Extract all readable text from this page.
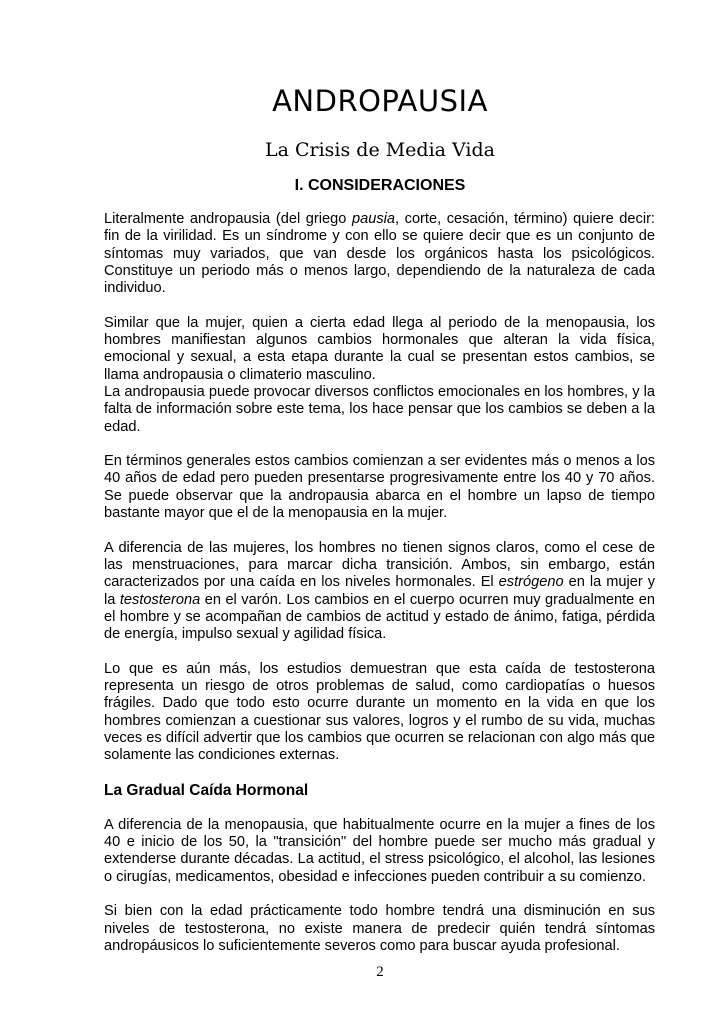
ANDROPAUSIA
La Crisis de Media Vida
I. CONSIDERACIONES

Literalmente andropausia (del griego pausia, corte, cesación, término) quiere decir: fin de la virilidad. Es un síndrome y con ello se quiere decir que es un conjunto de síntomas muy variados, que van desde los orgánicos hasta los psicológicos. Constituye un periodo más o menos largo, dependiendo de la naturaleza de cada individuo.

Similar que la mujer, quien a cierta edad llega al periodo de la menopausia, los hombres manifiestan algunos cambios hormonales que alteran la vida física, emocional y sexual, a esta etapa durante la cual se presentan estos cambios, se llama andropausia o climaterio masculino.

La andropausia puede provocar diversos conflictos emocionales en los hombres, y la falta de información sobre este tema, los hace pensar que los cambios se deben a la edad.

En términos generales estos cambios comienzan a ser evidentes más o menos a los 40 años de edad pero pueden presentarse progresivamente entre los 40 y 70 años. Se puede observar que la andropausia abarca en el hombre un lapso de tiempo bastante mayor que el de la menopausia en la mujer.

A diferencia de las mujeres, los hombres no tienen signos claros, como el cese de las menstruaciones, para marcar dicha transición. Ambos, sin embargo, están caracterizados por una caída en los niveles hormonales. El estrógeno en la mujer y la testosterona en el varón. Los cambios en el cuerpo ocurren muy gradualmente en el hombre y se acompañan de cambios de actitud y estado de ánimo, fatiga, pérdida de energía, impulso sexual y agilidad física.

Lo que es aún más, los estudios demuestran que esta caída de testosterona representa un riesgo de otros problemas de salud, como cardiopatías o huesos frágiles. Dado que todo esto ocurre durante un momento en la vida en que los hombres comienzan a cuestionar sus valores, logros y el rumbo de su vida, muchas veces es difícil advertir que los cambios que ocurren se relacionan con algo más que solamente las condiciones externas.

La Gradual Caída Hormonal

A diferencia de la menopausia, que habitualmente ocurre en la mujer a fines de los 40 e inicio de los 50, la "transición" del hombre puede ser mucho más gradual y extenderse durante décadas. La actitud, el stress psicológico, el alcohol, las lesiones o cirugías, medicamentos, obesidad e infecciones pueden contribuir a su comienzo.

Si bien con la edad prácticamente todo hombre tendrá una disminución en sus niveles de testosterona, no existe manera de predecir quién tendrá síntomas andropáusicos lo suficientemente severos como para buscar ayuda profesional.

2
